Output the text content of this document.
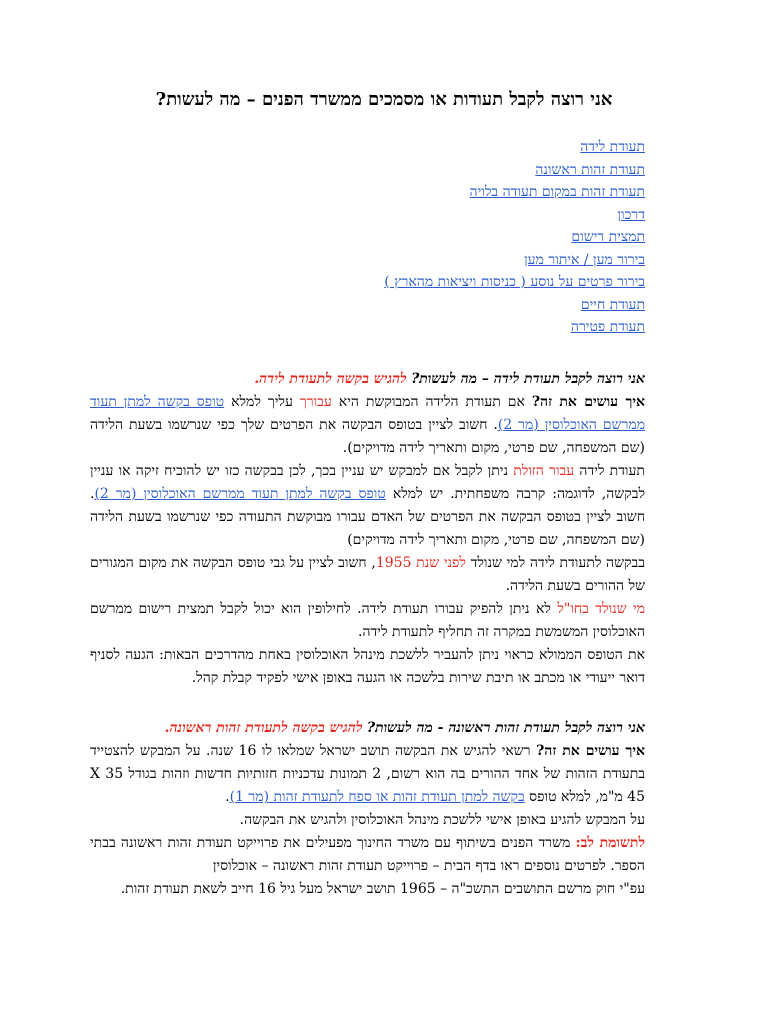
אני רוצה לקבל תעודות או מסמכים ממשרד הפנים – מה לעשות?
תעודת לידה
תעודת זהות ראשונה
תעודת זהות במקום תעודה בלויה
דרכון
תמצית רישום
בירור מען / איתור מען
בירור פרטים על נוסע ( כניסות ויציאות מהארץ )
תעודת חיים
תעודת פטירה

אני רוצה לקבל תעודת לידה – מה לעשות? להגיש בקשה לתעודת לידה.

איך עושים את זה? אם תעודת הלידה המבוקשת היא עבורך עליך למלא טופס בקשה למתן תעוד ממרשם האוכלוסין (מר 2). חשוב לציין בטופס הבקשה את הפרטים שלך כפי שנרשמו בשעת הלידה (שם המשפחה, שם פרטי, מקום ותאריך לידה מדויקים).

תעודת לידה עבור הזולת ניתן לקבל אם למבקש יש עניין בכך, לכן בבקשה כזו יש להוכיח זיקה או עניין לבקשה, לדוגמה: קרבה משפחתית. יש למלא טופס בקשה למתן תעוד ממרשם האוכלוסין (מר 2). חשוב לציין בטופס הבקשה את הפרטים של האדם עבורו מבוקשת התעודה כפי שנרשמו בשעת הלידה (שם המשפחה, שם פרטי, מקום ותאריך לידה מדויקים)

בבקשה לתעודת לידה למי שנולד לפני שנת 1955, חשוב לציין על גבי טופס הבקשה את מקום המגורים של ההורים בשעת הלידה.

מי שנולד בחו"ל לא ניתן להפיק עבורו תעודת לידה. לחילופין הוא יכול לקבל תמצית רישום ממרשם האוכלוסין המשמשת במקרה זה תחליף לתעודת לידה.

את הטופס הממולא כראוי ניתן להעביר ללשכת מינהל האוכלוסין באחת מהדרכים הבאות: הגעה לסניף דואר ייעודי או מכתב או תיבת שירות בלשכה או הגעה באופן אישי לפקיד קבלת קהל.

אני רוצה לקבל תעודת זהות ראשונה - מה לעשות? להגיש בקשה לתעודת זהות ראשונה.

איך עושים את זה? רשאי להגיש את הבקשה תושב ישראל שמלאו לו 16 שנה. על המבקש להצטייד בתעודת הזהות של אחד ההורים בה הוא רשום, 2 תמונות עדכניות חזותיות חדשות וזהות בגודל 35 X 45 מ"מ, למלא טופס בקשה למתן תעודת זהות או ספח לתעודת זהות (מר 1).

על המבקש להגיע באופן אישי ללשכת מינהל האוכלוסין ולהגיש את הבקשה.

לתשומת לב: משרד הפנים בשיתוף עם משרד החינוך מפעילים את פרוייקט תעודת זהות ראשונה בבתי הספר. לפרטים נוספים ראו בדף הבית – פרוייקט תעודת זהות ראשונה – אוכלוסין

עפ"י חוק מרשם התושבים התשכ"ה – 1965 תושב ישראל מעל גיל 16 חייב לשאת תעודת זהות.
